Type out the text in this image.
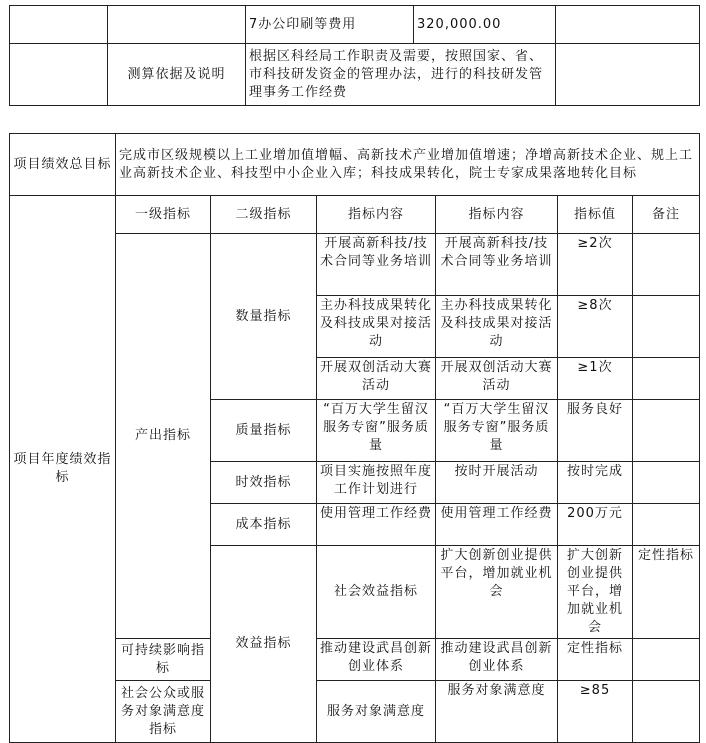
		7办公印刷等费用	320,000.00	
	测算依据及说明	根据区科经局工作职责及需要，按照国家、省、市科技研发资金的管理办法，进行的科技研发管理事务工作经费		
项目绩效总目标	完成市区级规模以上工业增加值增幅、高新技术产业增加值增速；净增高新技术企业、规上工业高新技术企业、科技型中小企业入库；科技成果转化，院士专家成果落地转化目标						
项目年度绩效指标	一级指标	二级指标	指标内容	指标内容	指标值	备注	
	产出指标	数量指标	开展高新科技/技术合同等业务培训	开展高新科技/技术合同等业务培训	≥2次		
			主办科技成果转化及科技成果对接活动	主办科技成果转化及科技成果对接活动	≥8次		
			开展双创活动大赛活动	开展双创活动大赛活动	≥1次		
		质量指标	“百万大学生留汉服务专窗”服务质量	“百万大学生留汉服务专窗”服务质量	服务良好		
		时效指标	项目实施按照年度工作计划进行	按时开展活动	按时完成		
		成本指标	使用管理工作经费	使用管理工作经费	200万元		
		效益指标	社会效益指标	扩大创新创业提供平台，增加就业机会	扩大创新创业提供平台，增加就业机会	定性指标	
	可持续影响指标		推动建设武昌创新创业体系	推动建设武昌创新创业体系	定性指标		
	社会公众或服务对象满意度指标		服务对象满意度	服务对象满意度	≥85		
